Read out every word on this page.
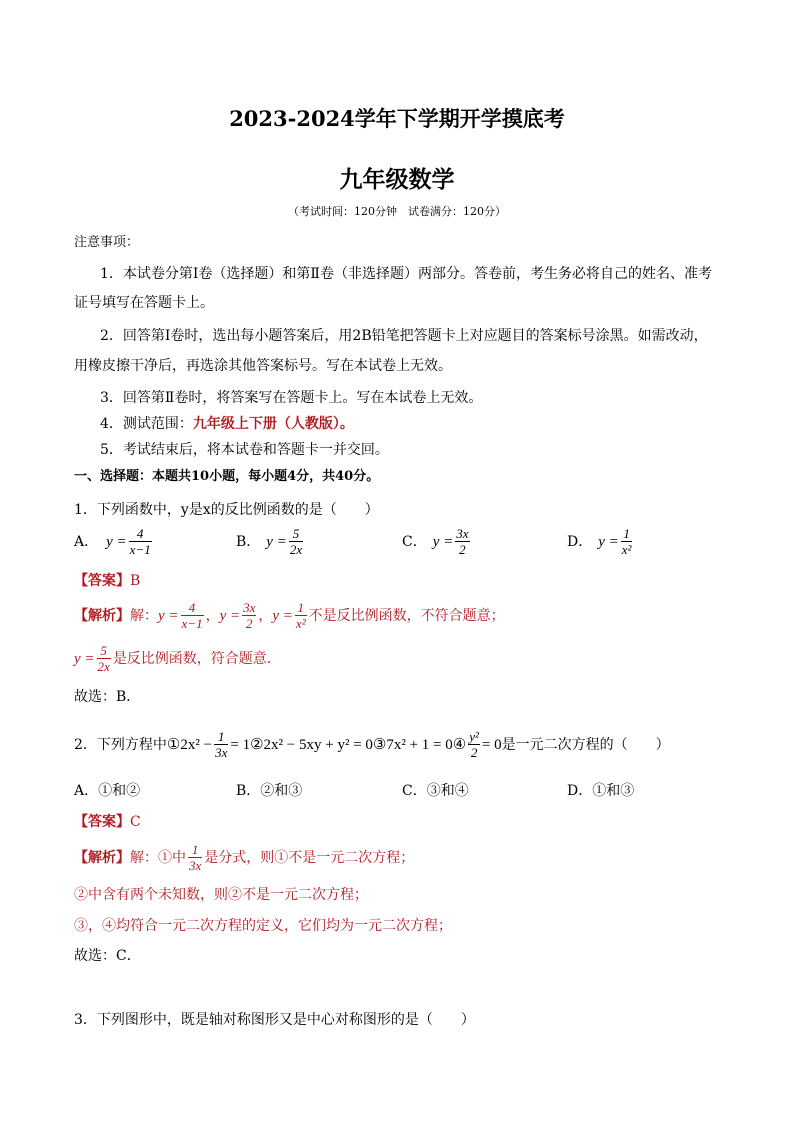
2023-2024学年下学期开学摸底考
九年级数学
（考试时间：120分钟　试卷满分：120分）
注意事项：
1．本试卷分第Ⅰ卷（选择题）和第Ⅱ卷（非选择题）两部分。答卷前，考生务必将自己的姓名、准考
证号填写在答题卡上。
2．回答第Ⅰ卷时，选出每小题答案后，用2B铅笔把答题卡上对应题目的答案标号涂黑。如需改动，
用橡皮擦干净后，再选涂其他答案标号。写在本试卷上无效。
3．回答第Ⅱ卷时，将答案写在答题卡上。写在本试卷上无效。
4．测试范围：九年级上下册（人教版）。
5．考试结束后，将本试卷和答题卡一并交回。
一、选择题：本题共10小题，每小题4分，共40分。
1．下列函数中，y是x的反比例函数的是（　　）
A． $y = \frac{4}{x-1}$	B． $y = \frac{5}{2x}$	C． $y = \frac{3x}{2}$	D． $y = \frac{1}{\text{x²}}$
【答案】B
【解析】 解： $y = \frac{4}{x-1}$ ， $y = \frac{3x}{2}$ ， $y = \frac{1}{\text{x²}}$ 不是反比例函数，不符合题意；
$y = \frac{5}{2x}$ 是反比例函数，符合题意．
故选：B．
2．下列方程中 ①2x² − $\frac{1}{3x} = 1$ ②2x² − 5xy + y² = 0 ③7x² + 1 = 0 ④ $\frac{\text{y²}}{2} = 0$ 是一元二次方程的（　　）
A．①和②	B．②和③	C．③和④	D．①和③
【答案】C
【解析】 解：①中 $\frac{1}{3x}$ 是分式，则①不是一元二次方程；
②中含有两个未知数，则②不是一元二次方程；
③，④均符合一元二次方程的定义，它们均为一元二次方程；
故选：C．
3．下列图形中，既是轴对称图形又是中心对称图形的是（　　）
